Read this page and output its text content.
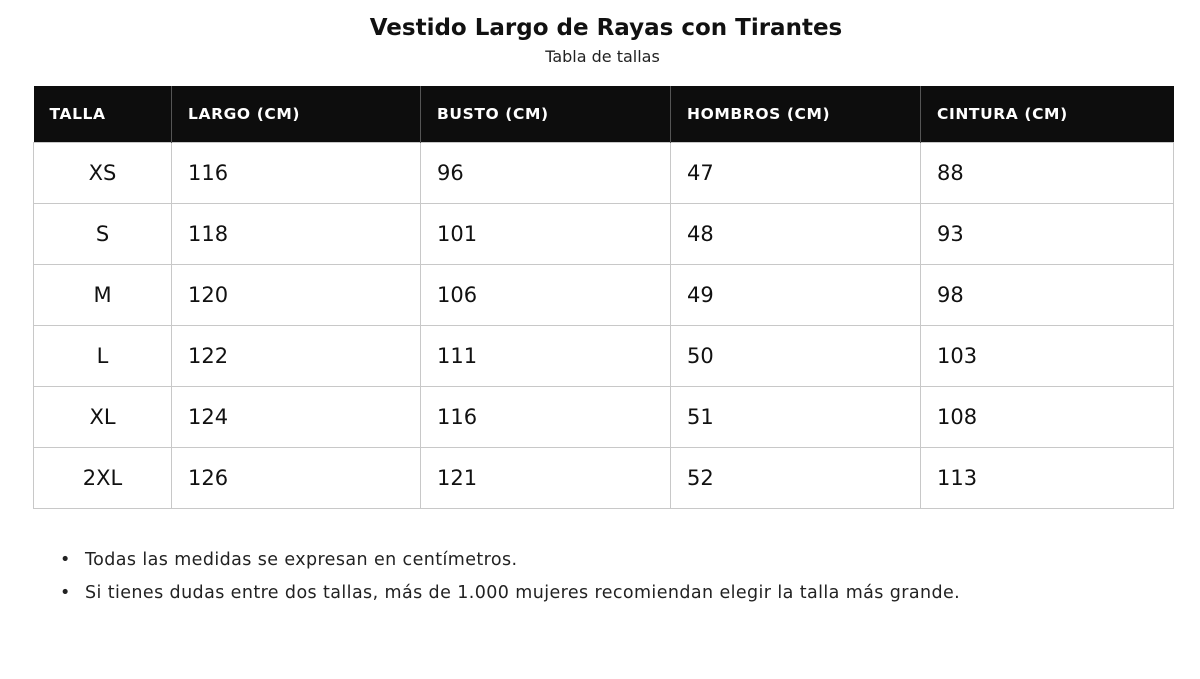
Vestido Largo de Rayas con Tirantes
Tabla de tallas
TALLA	LARGO (CM)	BUSTO (CM)	HOMBROS (CM)	CINTURA (CM)
XS	116	96	47	88
S	118	101	48	93
M	120	106	49	98
L	122	111	50	103
XL	124	116	51	108
2XL	126	121	52	113
• Todas las medidas se expresan en centímetros.
• Si tienes dudas entre dos tallas, más de 1.000 mujeres recomiendan elegir la talla más grande.
